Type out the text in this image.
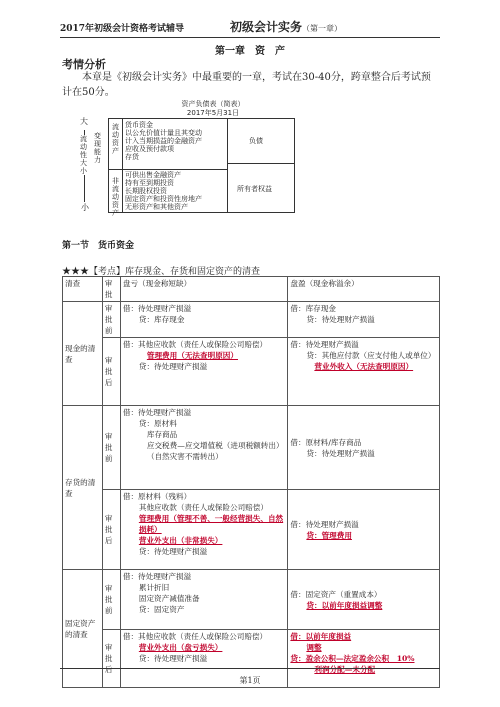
2017年初级会计资格考试辅导	初级会计实务（第一章）
第一章　资　产
考情分析
本章是《初级会计实务》中最重要的一章，考试在30-40分，跨章整合后考试预计在50分。
资产负债表（简表）
2017年5月31日
大
小
流动性大小
变现能力
流动资产
非流动资产
货币资金
以公允价值计量且其变动
计入当期损益的金融资产
应收及预付款项
存货
可供出售金融资产
持有至到期投资
长期股权投资
固定资产和投资性房地产
无形资产和其他资产
负债
所有者权益
第一节　货币资金
★★★【考点】库存现金、存货和固定资产的清查
清查	审批	盘亏（现金称短缺）	盘盈（现金称溢余）
现金的清查	审批前	借：待处理财产损溢
贷：库存现金	借：库存现金
贷：待处理财产损溢

	审批后	借：其他应收款（责任人或保险公司赔偿）
管理费用（无法查明原因）
贷：待处理财产损溢	借：待处理财产损溢
贷：其他应付款（应支付他人或单位）
营业外收入（无法查明原因）

存货的清查	审批前	借：待处理财产损溢
贷：原材料
库存商品
应交税费—应交增值税（进项税额转出）（自然灾害不需转出）	借：原材料/库存商品
贷：待处理财产损溢

	审批后	借：原材料（残料）
其他应收款（责任人或保险公司赔偿）
管理费用（管理不善、一般经营损失、自然损耗）
营业外支出（非常损失）
贷：待处理财产损溢	借：待处理财产损溢
贷：管理费用

固定资产的清查	审批前	借：待处理财产损溢
累计折旧
固定资产减值准备
贷：固定资产	借：固定资产（重置成本）
贷：以前年度损益调整

	审批后	借：其他应收款（责任人或保险公司赔偿）
营业外支出（盘亏损失）
贷：待处理财产损溢	借：以前年度损益
调整
贷：盈余公积—法定盈余公积　10%
利润分配—未分配
第1页
